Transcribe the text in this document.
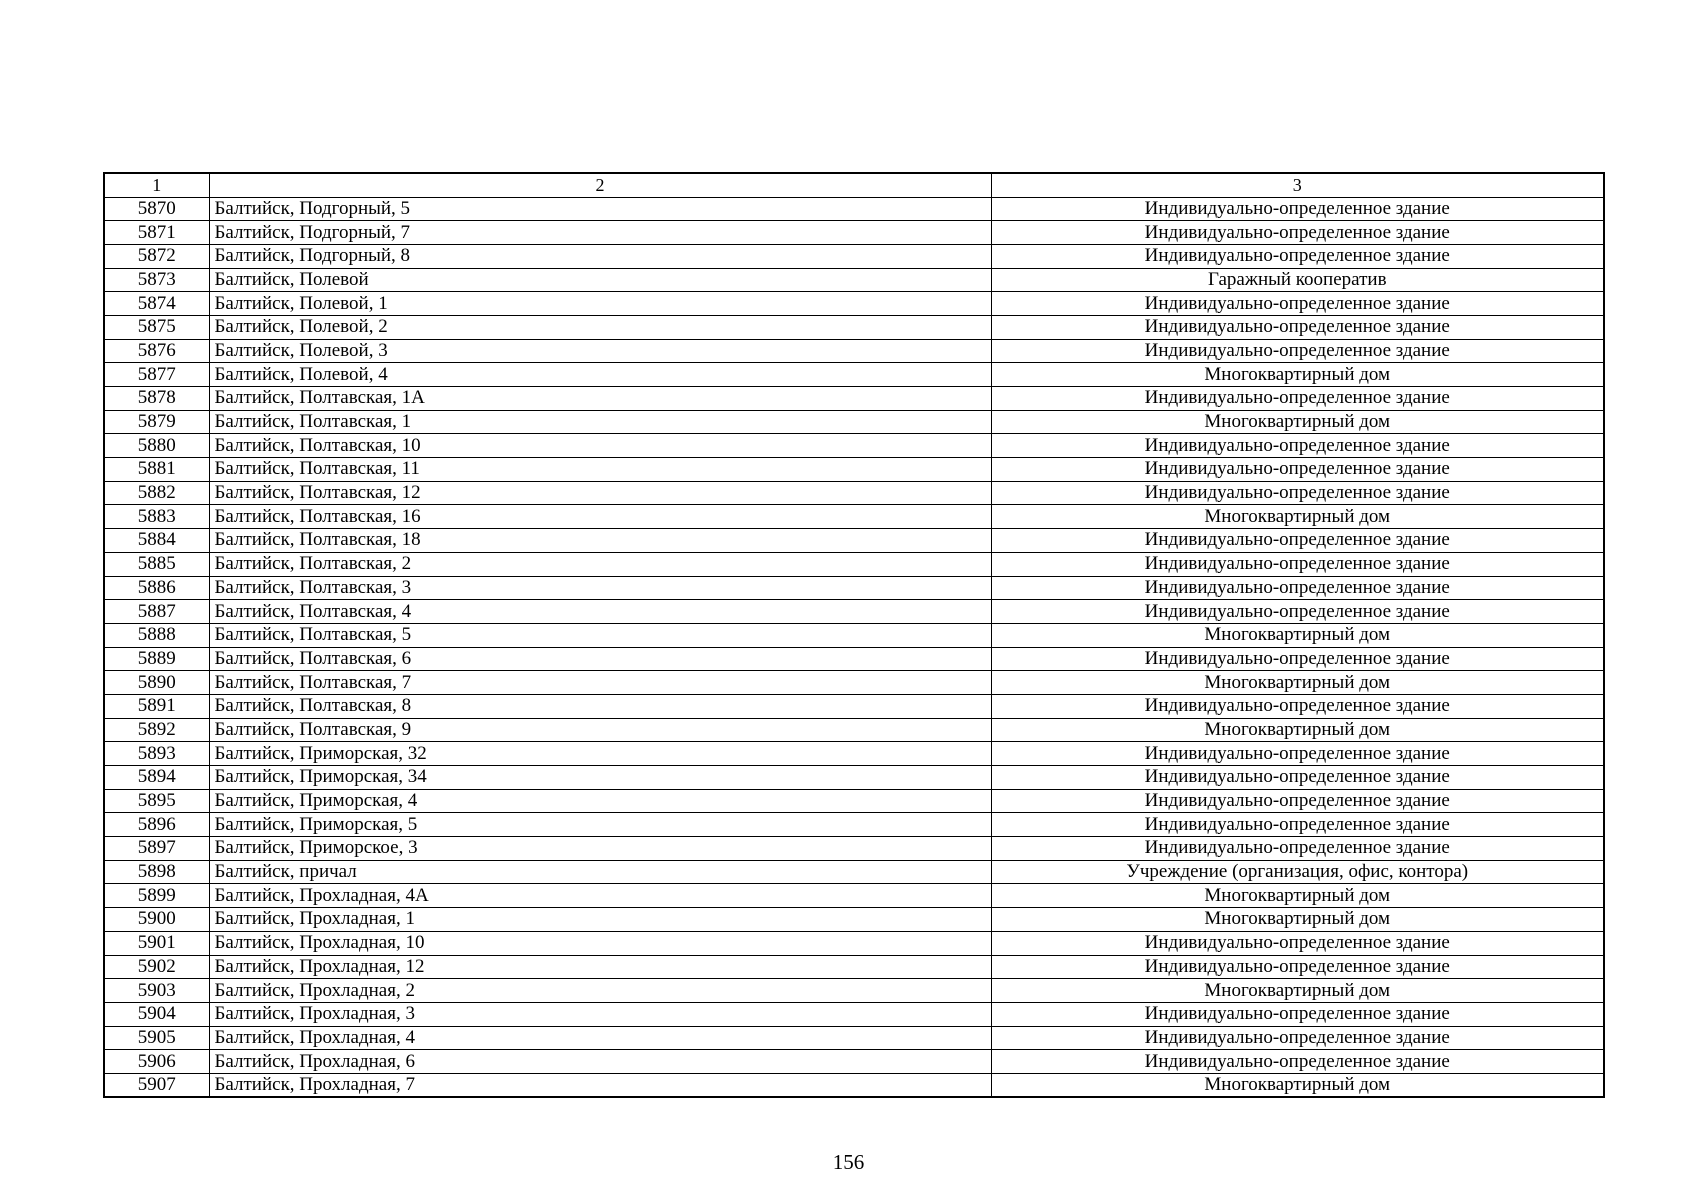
1	2	3
5870	Балтийск, Подгорный, 5	Индивидуально-определенное здание
5871	Балтийск, Подгорный, 7	Индивидуально-определенное здание
5872	Балтийск, Подгорный, 8	Индивидуально-определенное здание
5873	Балтийск, Полевой	Гаражный кооператив
5874	Балтийск, Полевой, 1	Индивидуально-определенное здание
5875	Балтийск, Полевой, 2	Индивидуально-определенное здание
5876	Балтийск, Полевой, 3	Индивидуально-определенное здание
5877	Балтийск, Полевой, 4	Многоквартирный дом
5878	Балтийск, Полтавская, 1А	Индивидуально-определенное здание
5879	Балтийск, Полтавская, 1	Многоквартирный дом
5880	Балтийск, Полтавская, 10	Индивидуально-определенное здание
5881	Балтийск, Полтавская, 11	Индивидуально-определенное здание
5882	Балтийск, Полтавская, 12	Индивидуально-определенное здание
5883	Балтийск, Полтавская, 16	Многоквартирный дом
5884	Балтийск, Полтавская, 18	Индивидуально-определенное здание
5885	Балтийск, Полтавская, 2	Индивидуально-определенное здание
5886	Балтийск, Полтавская, 3	Индивидуально-определенное здание
5887	Балтийск, Полтавская, 4	Индивидуально-определенное здание
5888	Балтийск, Полтавская, 5	Многоквартирный дом
5889	Балтийск, Полтавская, 6	Индивидуально-определенное здание
5890	Балтийск, Полтавская, 7	Многоквартирный дом
5891	Балтийск, Полтавская, 8	Индивидуально-определенное здание
5892	Балтийск, Полтавская, 9	Многоквартирный дом
5893	Балтийск, Приморская, 32	Индивидуально-определенное здание
5894	Балтийск, Приморская, 34	Индивидуально-определенное здание
5895	Балтийск, Приморская, 4	Индивидуально-определенное здание
5896	Балтийск, Приморская, 5	Индивидуально-определенное здание
5897	Балтийск, Приморское, 3	Индивидуально-определенное здание
5898	Балтийск, причал	Учреждение (организация, офис, контора)
5899	Балтийск, Прохладная, 4А	Многоквартирный дом
5900	Балтийск, Прохладная, 1	Многоквартирный дом
5901	Балтийск, Прохладная, 10	Индивидуально-определенное здание
5902	Балтийск, Прохладная, 12	Индивидуально-определенное здание
5903	Балтийск, Прохладная, 2	Многоквартирный дом
5904	Балтийск, Прохладная, 3	Индивидуально-определенное здание
5905	Балтийск, Прохладная, 4	Индивидуально-определенное здание
5906	Балтийск, Прохладная, 6	Индивидуально-определенное здание
5907	Балтийск, Прохладная, 7	Многоквартирный дом
156
